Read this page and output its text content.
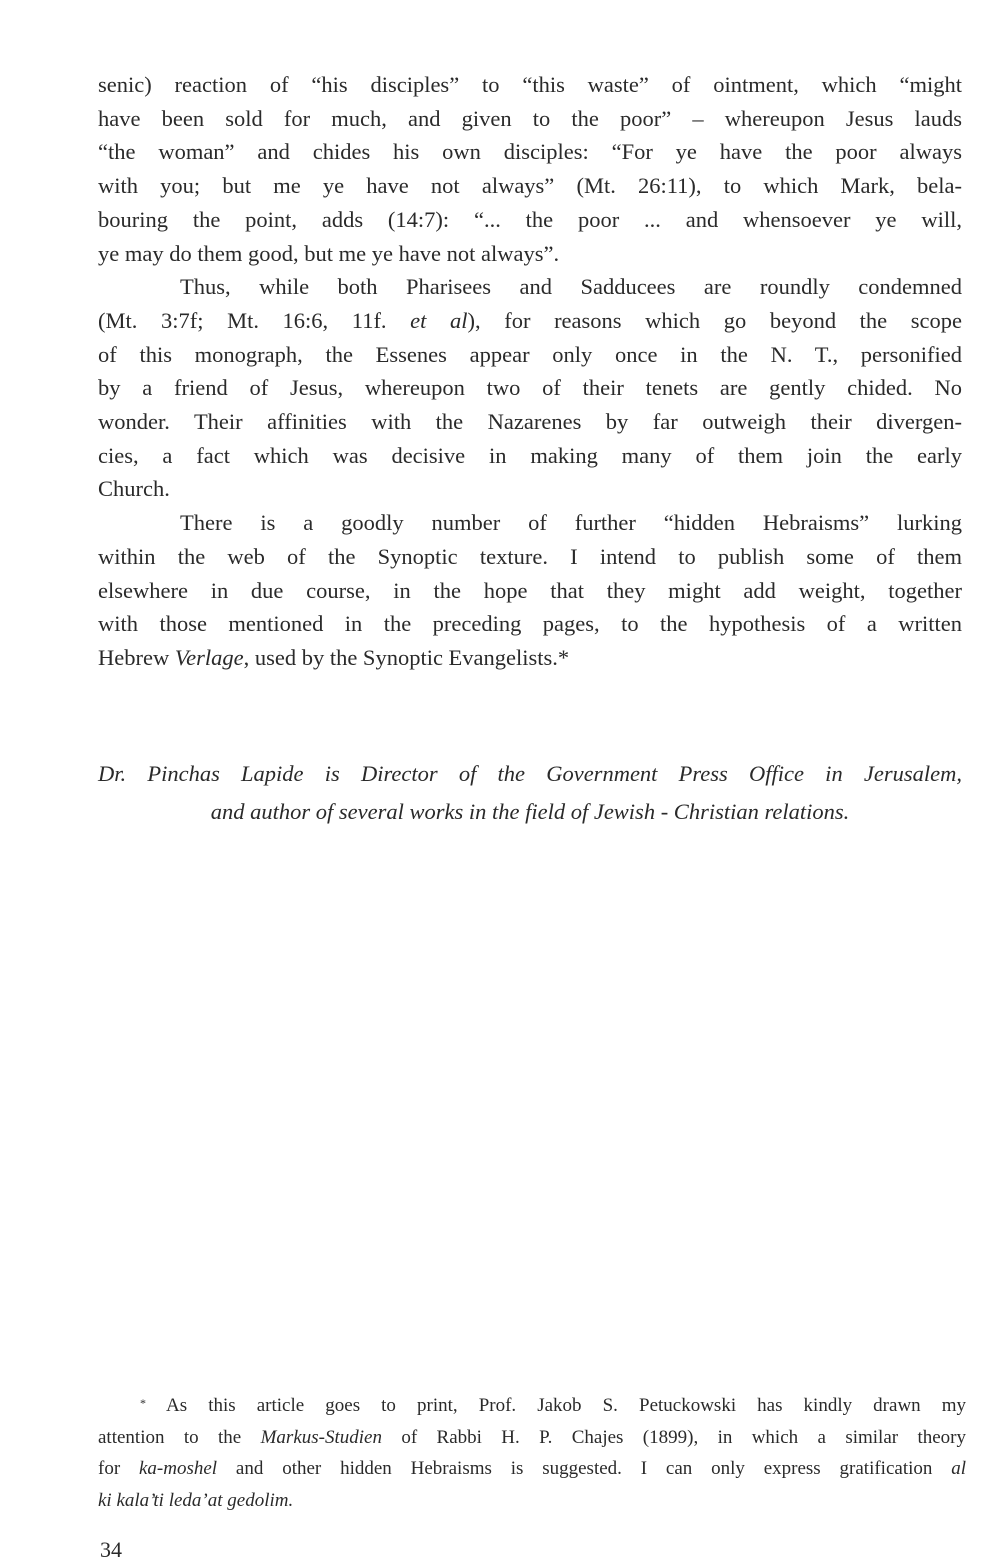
senic) reaction of “his disciples” to “this waste” of ointment, which “might
have been sold for much, and given to the poor” – whereupon Jesus lauds
“the woman” and chides his own disciples: “For ye have the poor always
with you; but me ye have not always” (Mt. 26:11), to which Mark, bela-
bouring the point, adds (14:7): “... the poor ... and whensoever ye will,
ye may do them good, but me ye have not always”.

Thus, while both Pharisees and Sadducees are roundly condemned
(Mt. 3:7f; Mt. 16:6, 11f. et al), for reasons which go beyond the scope
of this monograph, the Essenes appear only once in the N. T., personified
by a friend of Jesus, whereupon two of their tenets are gently chided. No
wonder. Their affinities with the Nazarenes by far outweigh their divergen-
cies, a fact which was decisive in making many of them join the early
Church.

There is a goodly number of further “hidden Hebraisms” lurking
within the web of the Synoptic texture. I intend to publish some of them
elsewhere in due course, in the hope that they might add weight, together
with those mentioned in the preceding pages, to the hypothesis of a written
Hebrew Verlage, used by the Synoptic Evangelists.*

Dr. Pinchas Lapide is Director of the Government Press Office in Jerusalem,
and author of several works in the field of Jewish - Christian relations.
* As this article goes to print, Prof. Jakob S. Petuckowski has kindly drawn my
attention to the Markus-Studien of Rabbi H. P. Chajes (1899), in which a similar theory
for ka-moshel and other hidden Hebraisms is suggested. I can only express gratification al
ki kala’ti leda’at gedolim.
34
